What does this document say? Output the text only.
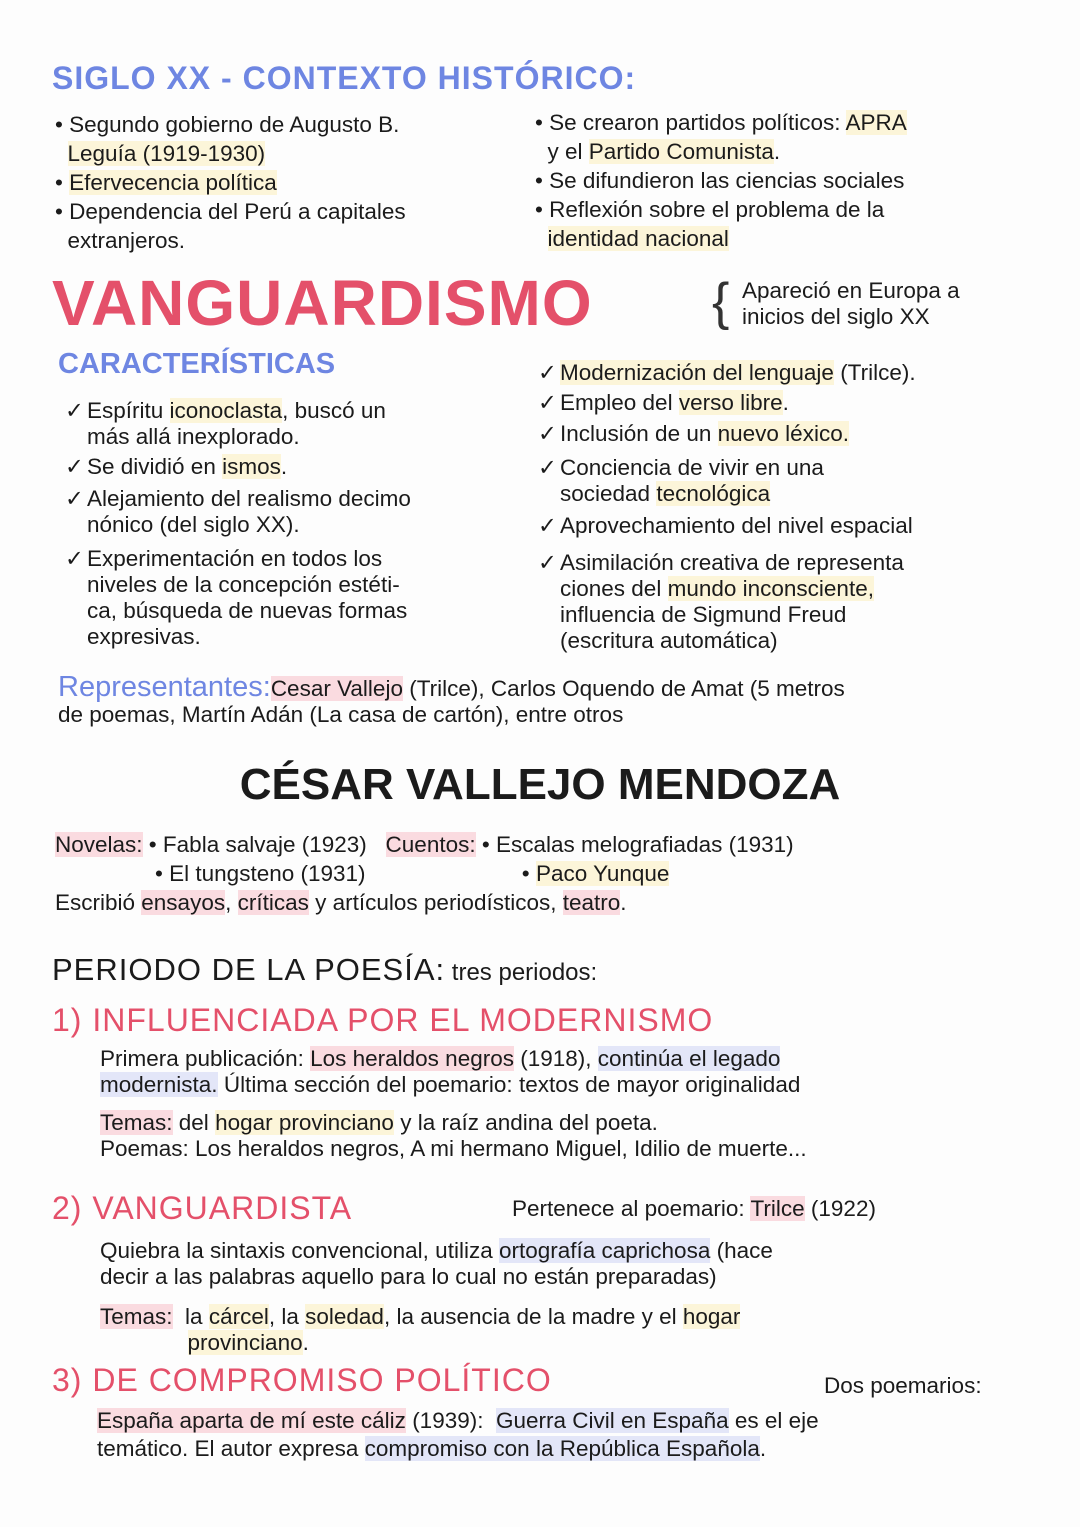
SIGLO XX - CONTEXTO HISTÓRICO:
• Segundo gobierno de Augusto B.
Leguía (1919-1930)
• Efervecencia política
• Dependencia del Perú a capitales
extranjeros.
• Se crearon partidos políticos: APRA
y el Partido Comunista.
• Se difundieron las ciencias sociales
• Reflexión sobre el problema de la
identidad nacional
VANGUARDISMO { Apareció en Europa a
inicios del siglo XX
CARACTERÍSTICAS
✓ Espíritu iconoclasta, buscó un
más allá inexplorado.
✓ Se dividió en ismos.
✓ Alejamiento del realismo decimo
nónico (del siglo XX).
✓ Experimentación en todos los
niveles de la concepción estéti-
ca, búsqueda de nuevas formas
expresivas.
✓ Modernización del lenguaje (Trilce).
✓ Empleo del verso libre.
✓ Inclusión de un nuevo léxico.
✓ Conciencia de vivir en una
sociedad tecnológica
✓ Aprovechamiento del nivel espacial
✓ Asimilación creativa de representa
ciones del mundo inconsciente,
influencia de Sigmund Freud
(escritura automática)
Representantes:Cesar Vallejo (Trilce), Carlos Oquendo de Amat (5 metros
de poemas, Martín Adán (La casa de cartón), entre otros
CÉSAR VALLEJO MENDOZA
Novelas: • Fabla salvaje (1923)   Cuentos: • Escalas melografiadas (1931)
• El tungsteno (1931)                         • Paco Yunque
Escribió ensayos, críticas y artículos periodísticos, teatro.
PERIODO DE LA POESÍA: tres periodos:
1) INFLUENCIADA POR EL MODERNISMO
Primera publicación: Los heraldos negros (1918), continúa el legado
modernista. Última sección del poemario: textos de mayor originalidad
Temas: del hogar provinciano y la raíz andina del poeta.
Poemas: Los heraldos negros, A mi hermano Miguel, Idilio de muerte...
2) VANGUARDISTA	Pertenece al poemario: Trilce (1922)
Quiebra la sintaxis convencional, utiliza ortografía caprichosa (hace
decir a las palabras aquello para lo cual no están preparadas)
Temas:  la cárcel, la soledad, la ausencia de la madre y el hogar
provinciano.
3) DE COMPROMISO POLÍTICO	Dos poemarios:
España aparta de mí este cáliz (1939):  Guerra Civil en España es el eje
temático. El autor expresa compromiso con la República Española.
